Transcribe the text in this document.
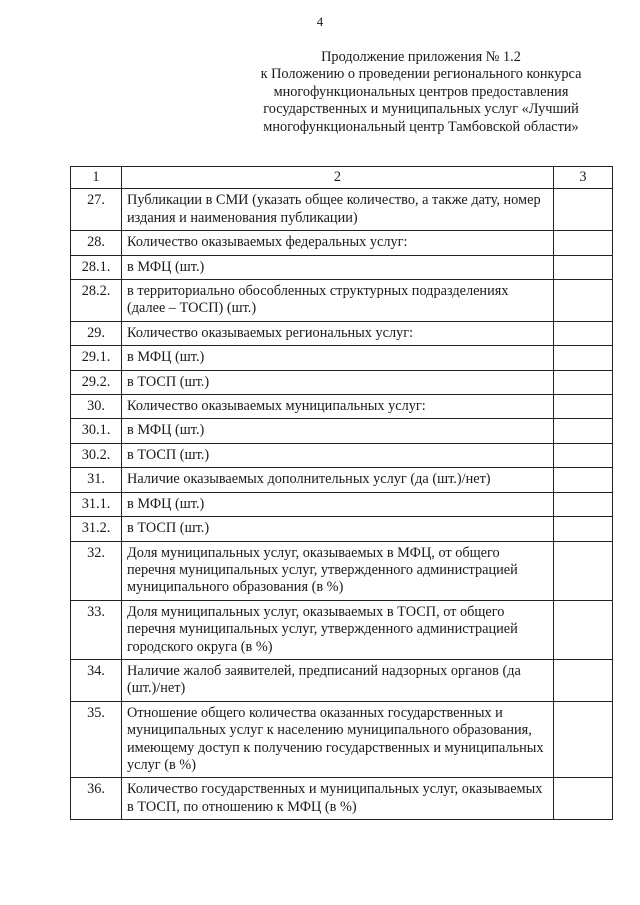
4
Продолжение приложения № 1.2
к Положению о проведении регионального конкурса
многофункциональных центров предоставления
государственных и муниципальных услуг «Лучший
многофункциональный центр Тамбовской области»
1	2	3
27.	Публикации в СМИ (указать общее количество, а также дату, номер издания и наименования публикации)	
28.	Количество оказываемых федеральных услуг:	
28.1.	в МФЦ (шт.)	
28.2.	в территориально обособленных структурных подразделениях (далее – ТОСП) (шт.)	
29.	Количество оказываемых региональных услуг:	
29.1.	в МФЦ (шт.)	
29.2.	в ТОСП (шт.)	
30.	Количество оказываемых муниципальных услуг:	
30.1.	в МФЦ (шт.)	
30.2.	в ТОСП (шт.)	
31.	Наличие оказываемых дополнительных услуг (да (шт.)/нет)	
31.1.	в МФЦ (шт.)	
31.2.	в ТОСП (шт.)	
32.	Доля муниципальных услуг, оказываемых в МФЦ, от общего перечня муниципальных услуг, утвержденного администрацией муниципального образования (в %)	
33.	Доля муниципальных услуг, оказываемых в ТОСП, от общего перечня муниципальных услуг, утвержденного администрацией городского округа (в %)	
34.	Наличие жалоб заявителей, предписаний надзорных органов (да (шт.)/нет)	
35.	Отношение общего количества оказанных государственных и муниципальных услуг к населению муниципального образования, имеющему доступ к получению государственных и муниципальных услуг (в %)	
36.	Количество государственных и муниципальных услуг, оказываемых в ТОСП, по отношению к МФЦ (в %)	
